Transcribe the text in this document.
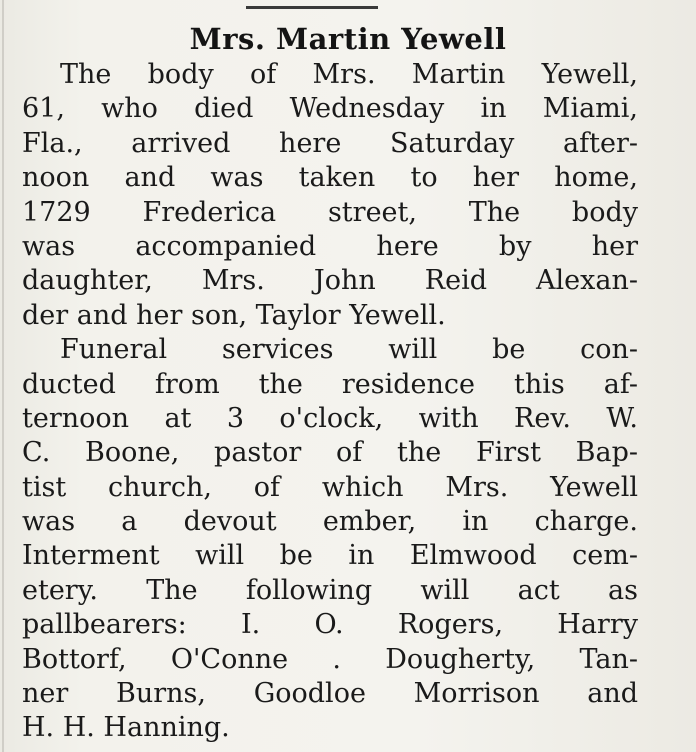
Mrs. Martin Yewell
The body of Mrs. Martin Yewell,
61, who died Wednesday in Miami,
Fla., arrived here Saturday after-
noon and was taken to her home,
1729 Frederica street, The body
was accompanied here by her
daughter, Mrs. John Reid Alexan-
der and her son, Taylor Yewell.
Funeral services will be con-
ducted from the residence this af-
ternoon at 3 o'clock, with Rev. W.
C. Boone, pastor of the First Bap-
tist church, of which Mrs. Yewell
was a devout ember, in charge.
Interment will be in Elmwood cem-
etery. The following will act as
pallbearers: I. O. Rogers, Harry
Bottorf, O'Conne . Dougherty, Tan-
ner Burns, Goodloe Morrison and
H. H. Hanning.
